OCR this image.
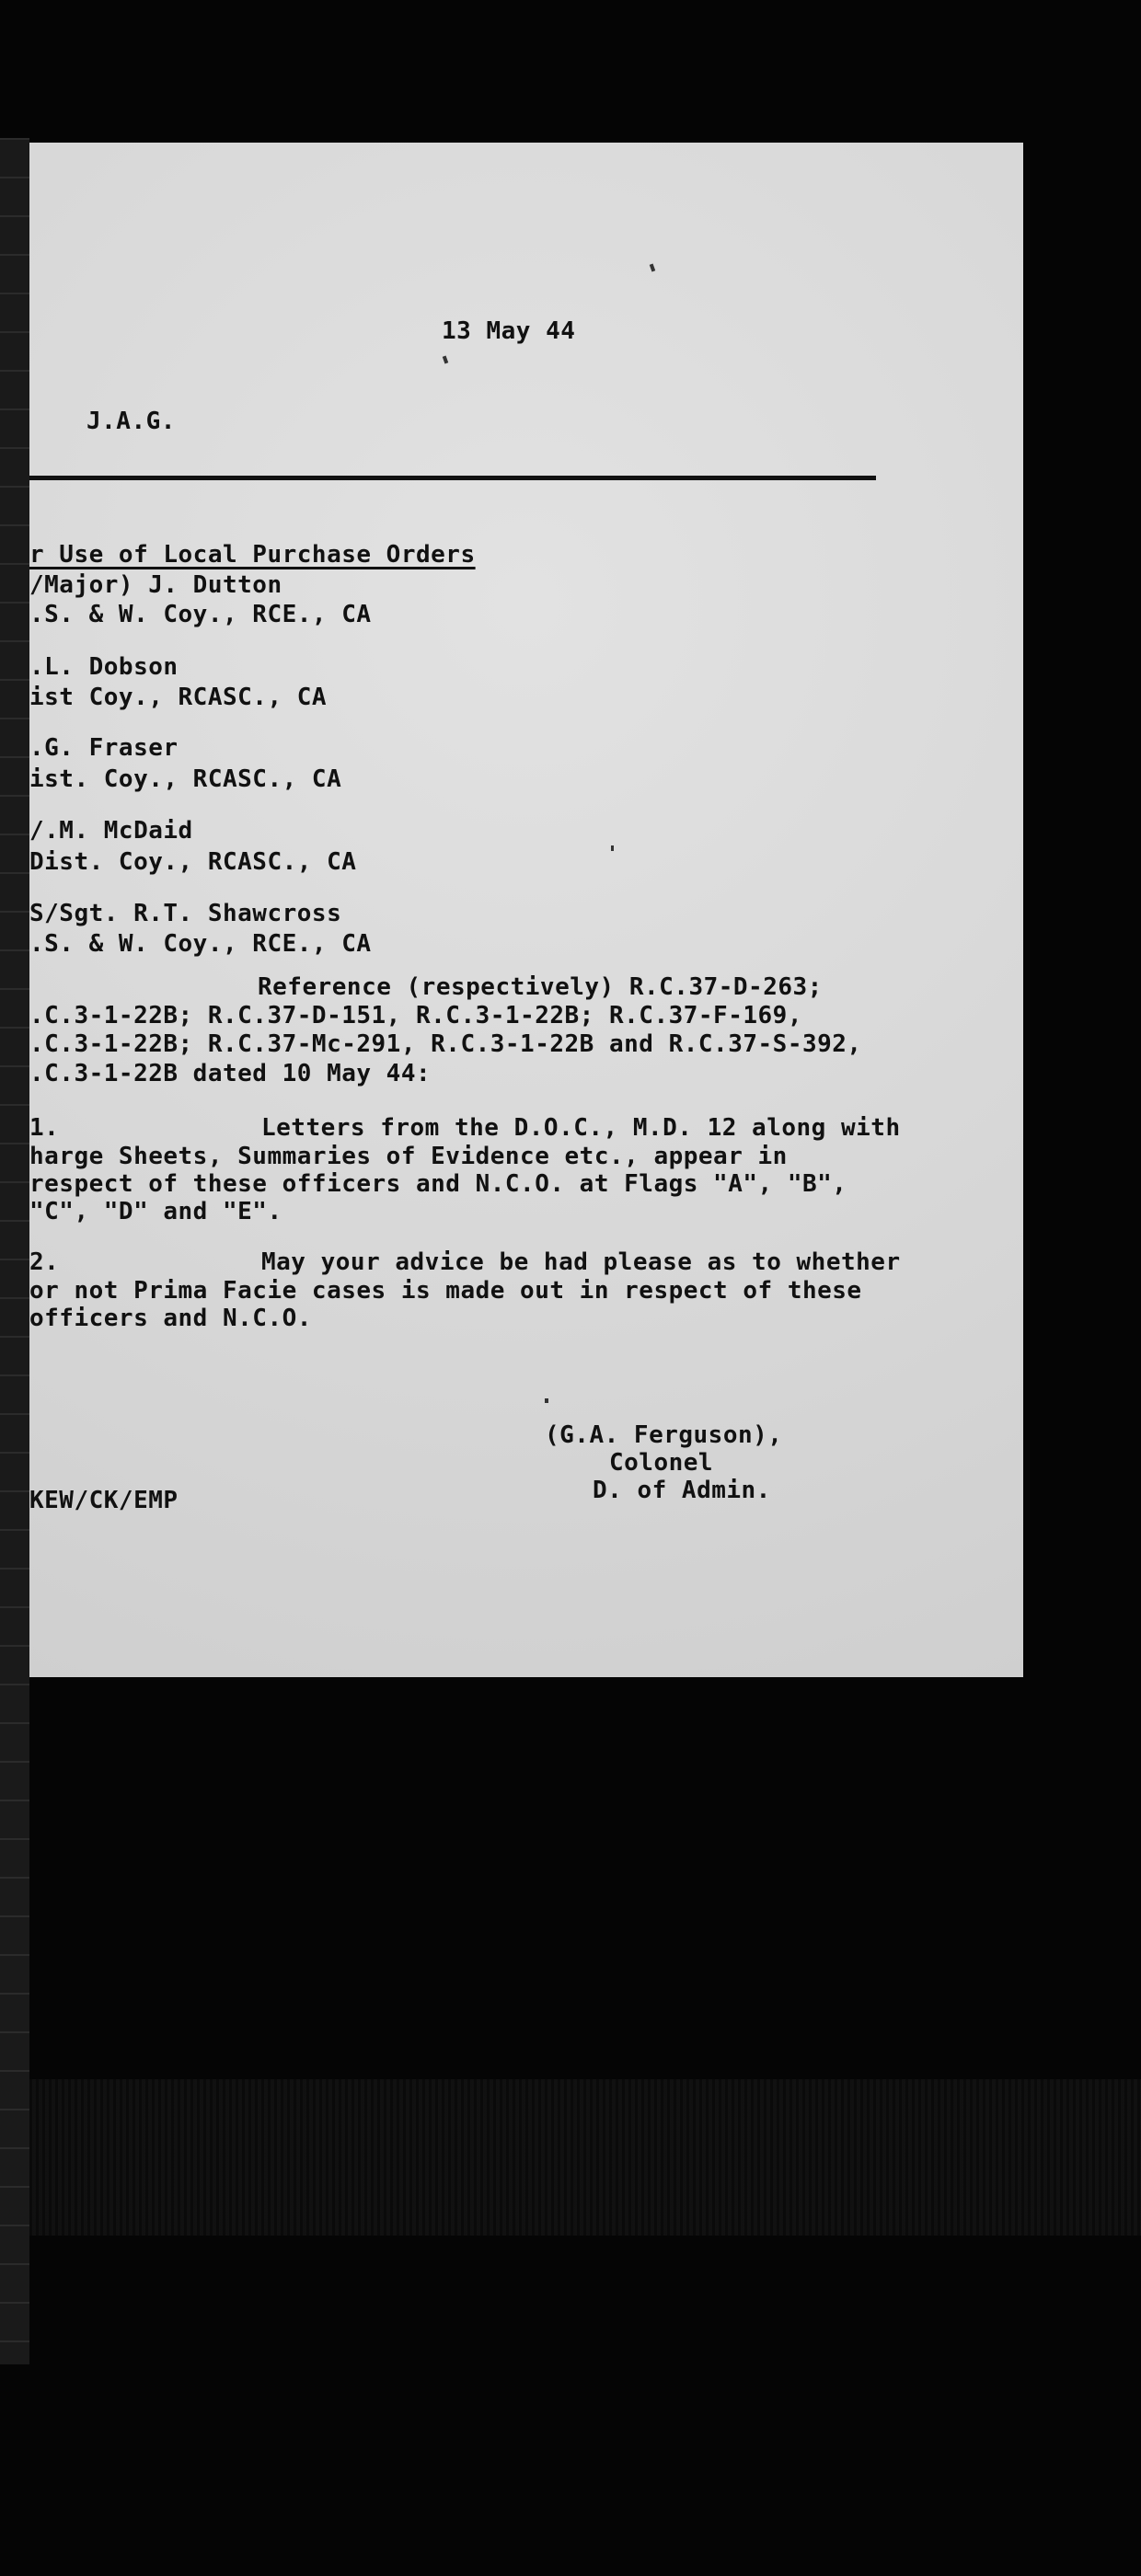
13 May 44
J.A.G.
r Use of Local Purchase Orders
/Major) J. Dutton
.S. & W. Coy., RCE., CA
.L. Dobson
ist Coy., RCASC., CA
.G. Fraser
ist. Coy., RCASC., CA
/.M. McDaid
Dist. Coy., RCASC., CA
S/Sgt. R.T. Shawcross
.S. & W. Coy., RCE., CA
Reference (respectively) R.C.37-D-263;
.C.3-1-22B; R.C.37-D-151, R.C.3-1-22B; R.C.37-F-169,
.C.3-1-22B; R.C.37-Mc-291, R.C.3-1-22B and R.C.37-S-392,
.C.3-1-22B dated 10 May 44:
1.	Letters from the D.O.C., M.D. 12 along with
harge Sheets, Summaries of Evidence etc., appear in
respect of these officers and N.C.O. at Flags "A", "B",
"C", "D" and "E".
2.	May your advice be had please as to whether
or not Prima Facie cases is made out in respect of these
officers and N.C.O.
(G.A. Ferguson),
Colonel
D. of Admin.
KEW/CK/EMP
